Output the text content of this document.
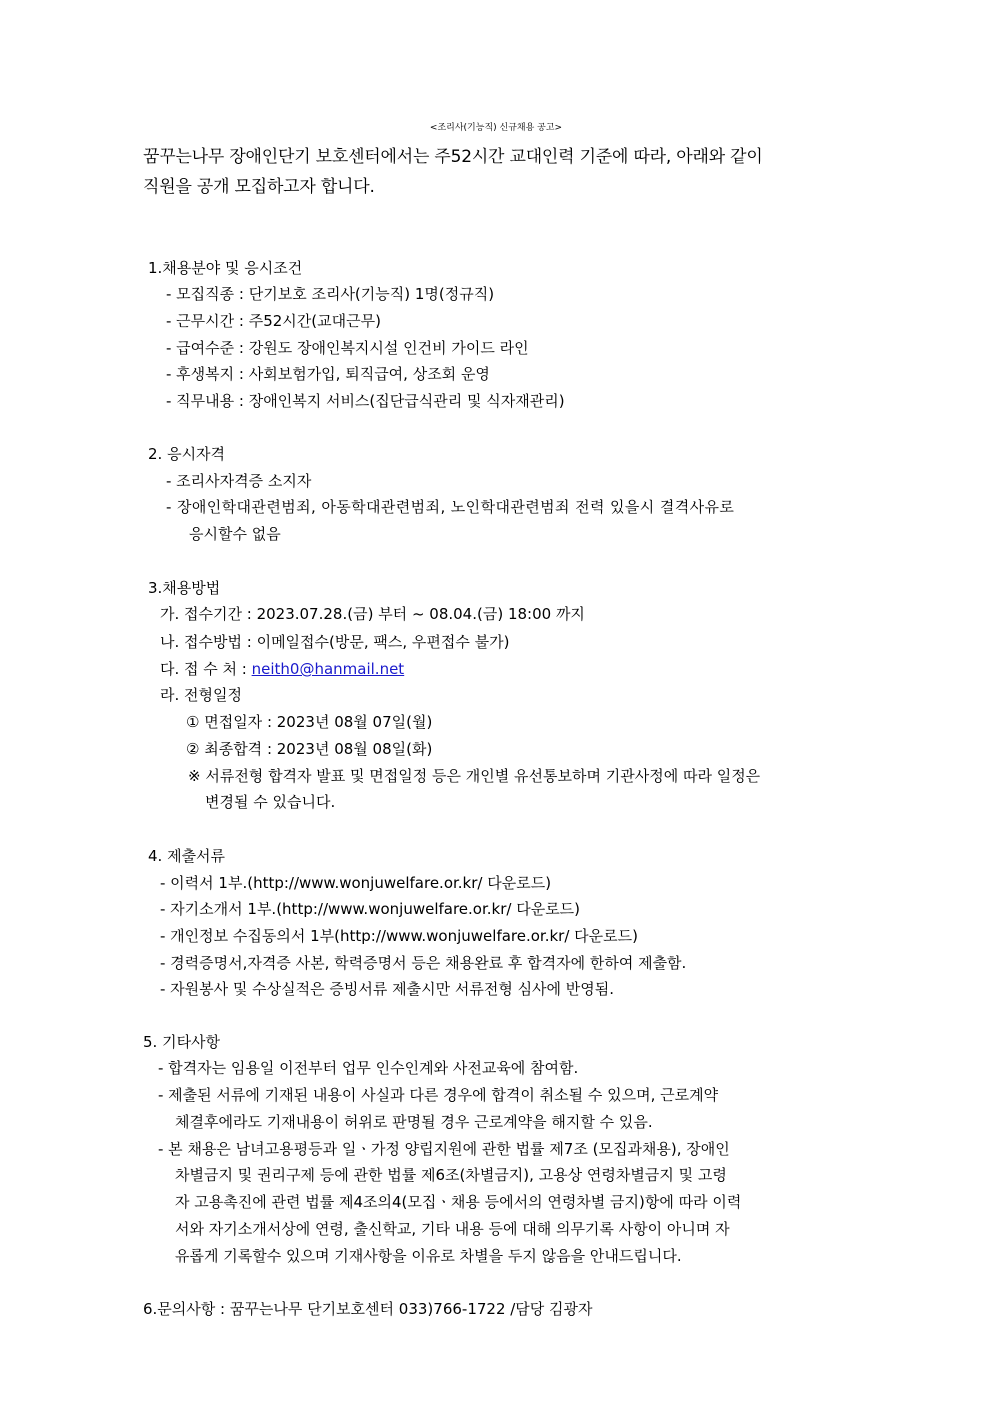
<조리사(기능직) 신규채용 공고>
꿈꾸는나무 장애인단기 보호센터에서는 주52시간 교대인력 기준에 따라, 아래와 같이
직원을 공개 모집하고자 합니다.
1.채용분야 및 응시조건
- 모집직종 : 단기보호 조리사(기능직) 1명(정규직)
- 근무시간 : 주52시간(교대근무)
- 급여수준 : 강원도 장애인복지시설 인건비 가이드 라인
- 후생복지 : 사회보험가입, 퇴직급여, 상조회 운영
- 직무내용 : 장애인복지 서비스(집단급식관리 및 식자재관리)
2. 응시자격
- 조리사자격증 소지자
- 장애인학대관련범죄, 아동학대관련범죄, 노인학대관련범죄 전력 있을시 결격사유로
응시할수 없음
3.채용방법
가. 접수기간 : 2023.07.28.(금) 부터 ~ 08.04.(금) 18:00 까지
나. 접수방법 : 이메일접수(방문, 팩스, 우편접수 불가)
다. 접 수 처 : neith0@hanmail.net
라. 전형일정
① 면접일자 : 2023년 08월 07일(월)
② 최종합격 : 2023년 08월 08일(화)
※ 서류전형 합격자 발표 및 면접일정 등은 개인별 유선통보하며 기관사정에 따라 일정은
변경될 수 있습니다.
4. 제출서류
- 이력서 1부.(http://www.wonjuwelfare.or.kr/ 다운로드)
- 자기소개서 1부.(http://www.wonjuwelfare.or.kr/ 다운로드)
- 개인정보 수집동의서 1부(http://www.wonjuwelfare.or.kr/ 다운로드)
- 경력증명서,자격증 사본, 학력증명서 등은 채용완료 후 합격자에 한하여 제출함.
- 자원봉사 및 수상실적은 증빙서류 제출시만 서류전형 심사에 반영됨.
5. 기타사항
- 합격자는 임용일 이전부터 업무 인수인계와 사전교육에 참여함.
- 제출된 서류에 기재된 내용이 사실과 다른 경우에 합격이 취소될 수 있으며, 근로계약
체결후에라도 기재내용이 허위로 판명될 경우 근로계약을 해지할 수 있음.
- 본 채용은 남녀고용평등과 일ㆍ가정 양립지원에 관한 법률 제7조 (모집과채용), 장애인
차별금지 및 권리구제 등에 관한 법률 제6조(차별금지), 고용상 연령차별금지 및 고령
자 고용촉진에 관련 법률 제4조의4(모집ㆍ채용 등에서의 연령차별 금지)항에 따라 이력
서와 자기소개서상에 연령, 출신학교, 기타 내용 등에 대해 의무기록 사항이 아니며 자
유롭게 기록할수 있으며 기재사항을 이유로 차별을 두지 않음을 안내드립니다.
6.문의사항 : 꿈꾸는나무 단기보호센터 033)766-1722 /담당 김광자
